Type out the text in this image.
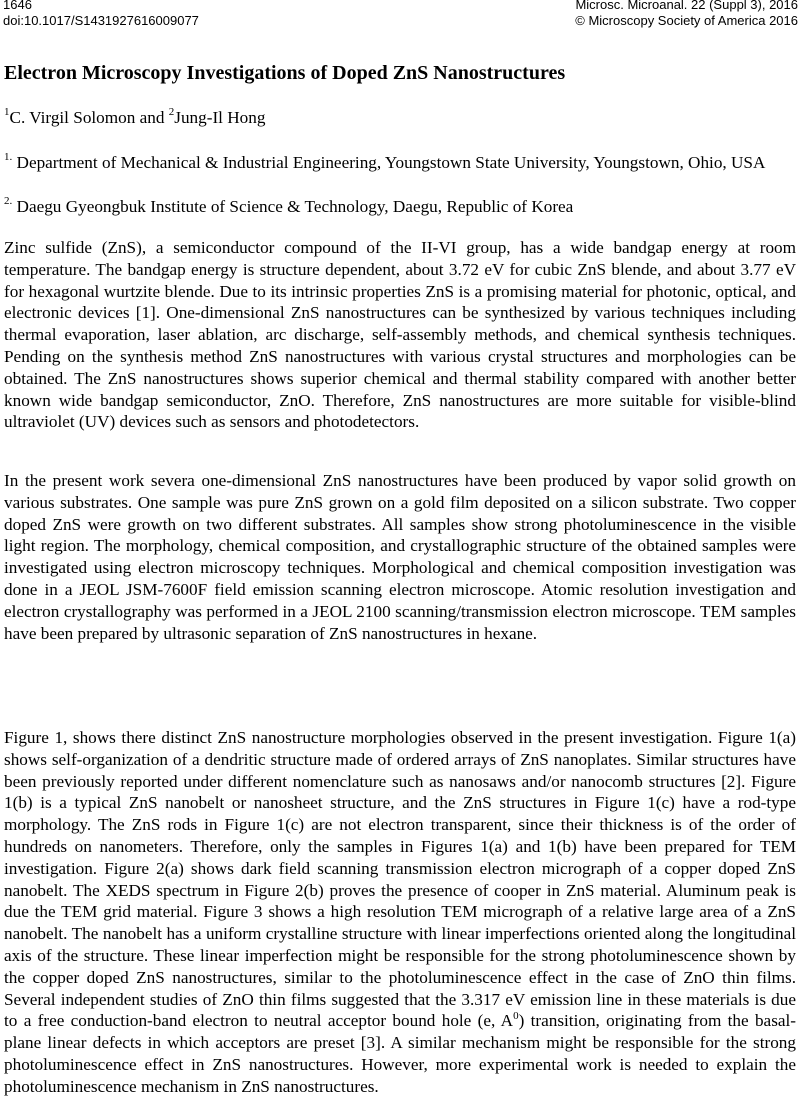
1646
doi:10.1017/S1431927616009077
Microsc. Microanal. 22 (Suppl 3), 2016
© Microscopy Society of America 2016
Electron Microscopy Investigations of Doped ZnS Nanostructures

$^1$C. Virgil Solomon and $^2$Jung-Il Hong

$^{1.}$ Department of Mechanical & Industrial Engineering, Youngstown State University, Youngstown, Ohio, USA

$^{2.}$ Daegu Gyeongbuk Institute of Science & Technology, Daegu, Republic of Korea

Zinc sulfide (ZnS), a semiconductor compound of the II-VI group, has a wide bandgap energy at room temperature. The bandgap energy is structure dependent, about 3.72 eV for cubic ZnS blende, and about 3.77 eV for hexagonal wurtzite blende. Due to its intrinsic properties ZnS is a promising material for photonic, optical, and electronic devices [1]. One-dimensional ZnS nanostructures can be synthesized by various techniques including thermal evaporation, laser ablation, arc discharge, self-assembly methods, and chemical synthesis techniques. Pending on the synthesis method ZnS nanostructures with various crystal structures and morphologies can be obtained. The ZnS nanostructures shows superior chemical and thermal stability compared with another better known wide bandgap semiconductor, ZnO. Therefore, ZnS nanostructures are more suitable for visible-blind ultraviolet (UV) devices such as sensors and photodetectors.

In the present work severa one-dimensional ZnS nanostructures have been produced by vapor solid growth on various substrates. One sample was pure ZnS grown on a gold film deposited on a silicon substrate. Two copper doped ZnS were growth on two different substrates. All samples show strong photoluminescence in the visible light region. The morphology, chemical composition, and crystallographic structure of the obtained samples were investigated using electron microscopy techniques. Morphological and chemical composition investigation was done in a JEOL JSM-7600F field emission scanning electron microscope. Atomic resolution investigation and electron crystallography was performed in a JEOL 2100 scanning/transmission electron microscope. TEM samples have been prepared by ultrasonic separation of ZnS nanostructures in hexane.

Figure 1, shows there distinct ZnS nanostructure morphologies observed in the present investigation. Figure 1(a) shows self-organization of a dendritic structure made of ordered arrays of ZnS nanoplates. Similar structures have been previously reported under different nomenclature such as nanosaws and/or nanocomb structures [2]. Figure 1(b) is a typical ZnS nanobelt or nanosheet structure, and the ZnS structures in Figure 1(c) have a rod-type morphology. The ZnS rods in Figure 1(c) are not electron transparent, since their thickness is of the order of hundreds on nanometers. Therefore, only the samples in Figures 1(a) and 1(b) have been prepared for TEM investigation. Figure 2(a) shows dark field scanning transmission electron micrograph of a copper doped ZnS nanobelt. The XEDS spectrum in Figure 2(b) proves the presence of cooper in ZnS material. Aluminum peak is due the TEM grid material. Figure 3 shows a high resolution TEM micrograph of a relative large area of a ZnS nanobelt. The nanobelt has a uniform crystalline structure with linear imperfections oriented along the longitudinal axis of the structure. These linear imperfection might be responsible for the strong photoluminescence shown by the copper doped ZnS nanostructures, similar to the photoluminescence effect in the case of ZnO thin films. Several independent studies of ZnO thin films suggested that the 3.317 eV emission line in these materials is due to a free conduction-band electron to neutral acceptor bound hole (e, $A^0$) transition, originating from the basal-plane linear defects in which acceptors are preset [3]. A similar mechanism might be responsible for the strong photoluminescence effect in ZnS nanostructures. However, more experimental work is needed to explain the photoluminescence mechanism in ZnS nanostructures.
